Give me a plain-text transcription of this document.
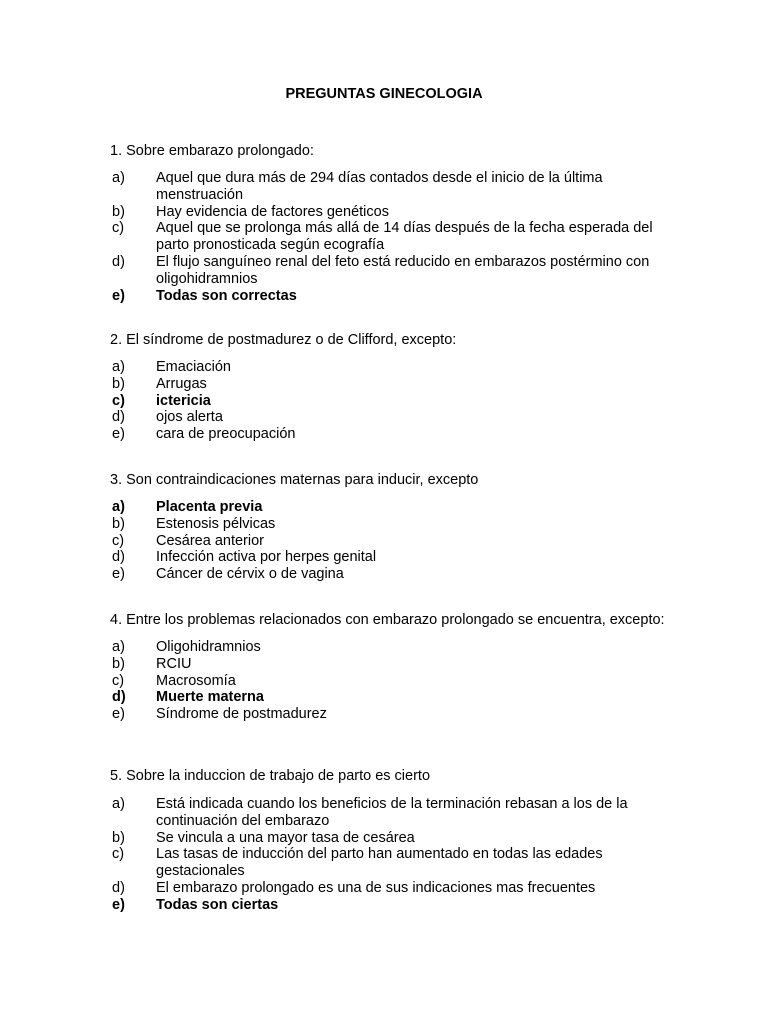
PREGUNTAS GINECOLOGIA

1. Sobre embarazo prolongado:

a)	Aquel que dura más de 294 días contados desde el inicio de la última menstruación
b)	Hay evidencia de factores genéticos
c)	Aquel que se prolonga más allá de 14 días después de la fecha esperada del parto pronosticada según ecografía
d)	El flujo sanguíneo renal del feto está reducido en embarazos postérmino con oligohidramnios
e)	Todas son correctas

2. El síndrome de postmadurez o de Clifford, excepto:

a)	Emaciación
b)	Arrugas
c)	ictericia
d)	ojos alerta
e)	cara de preocupación

3. Son contraindicaciones maternas para inducir, excepto

a)	Placenta previa
b)	Estenosis pélvicas
c)	Cesárea anterior
d)	Infección activa por herpes genital
e)	Cáncer de cérvix o de vagina

4. Entre los problemas relacionados con embarazo prolongado se encuentra, excepto:

a)	Oligohidramnios
b)	RCIU
c)	Macrosomía
d)	Muerte materna
e)	Síndrome de postmadurez

5. Sobre la induccion de trabajo de parto es cierto

a)	Está indicada cuando los beneficios de la terminación rebasan a los de la continuación del embarazo
b)	Se vincula a una mayor tasa de cesárea
c)	Las tasas de inducción del parto han aumentado en todas las edades gestacionales
d)	El embarazo prolongado es una de sus indicaciones mas frecuentes
e)	Todas son ciertas
